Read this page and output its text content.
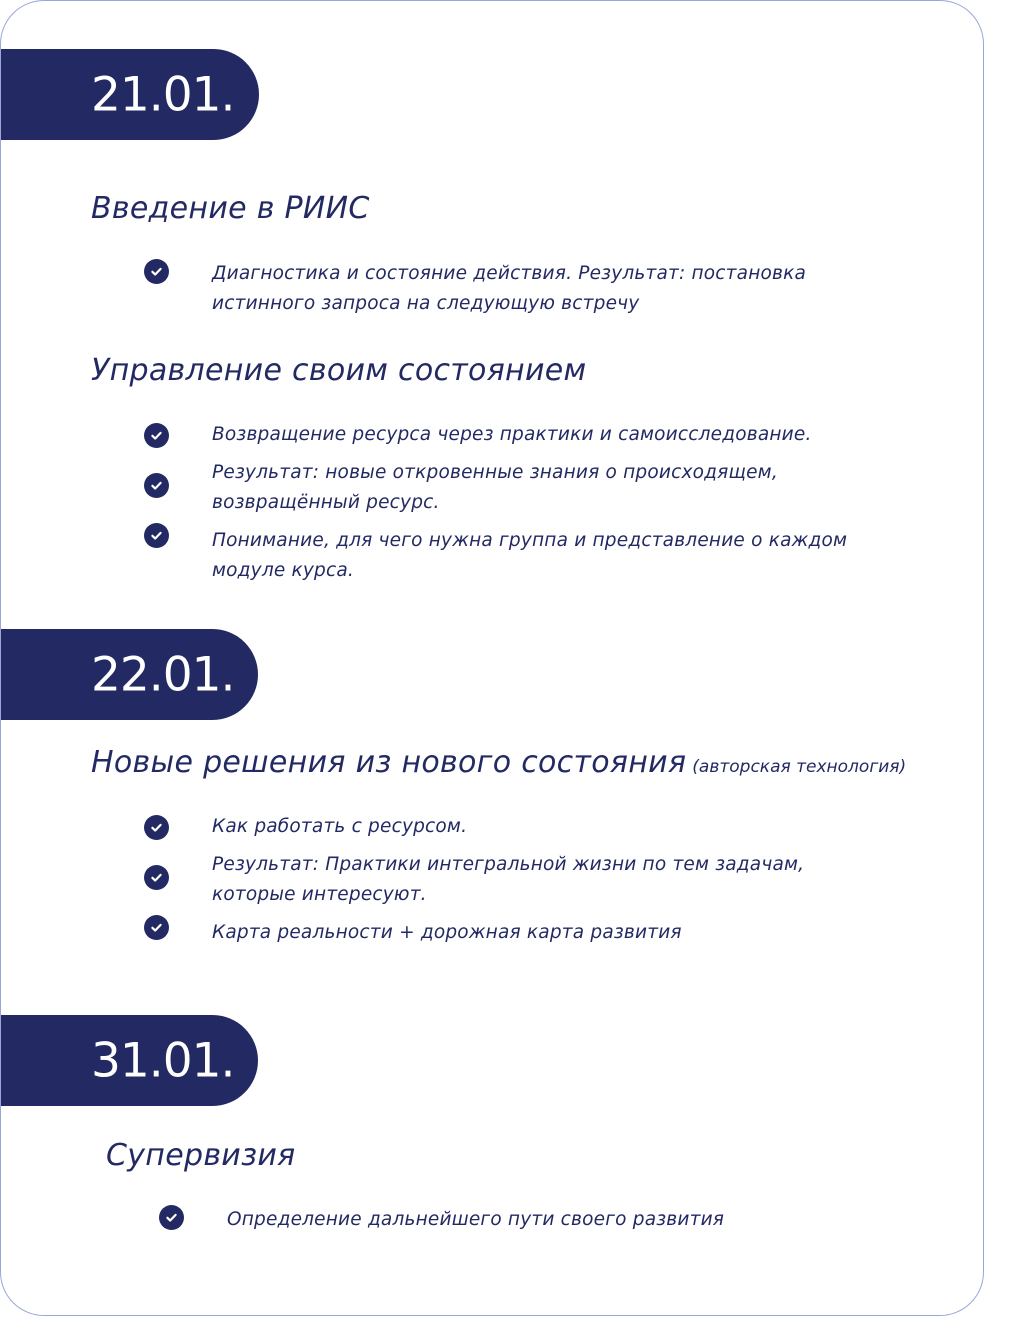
21.01.
Введение в РИИС
Диагностика и состояние действия. Результат: постановка истинного запроса на следующую встречу
Управление своим состоянием
Возвращение ресурса через практики и самоисследование.
Результат: новые откровенные знания о происходящем, возвращённый ресурс.
Понимание, для чего нужна группа и представление о каждом модуле курса.
22.01.
Новые решения из нового состояния (авторская технология)
Как работать с ресурсом.
Результат: Практики интегральной жизни по тем задачам, которые интересуют.
Карта реальности + дорожная карта развития
31.01.
Супервизия
Определение дальнейшего пути своего развития
